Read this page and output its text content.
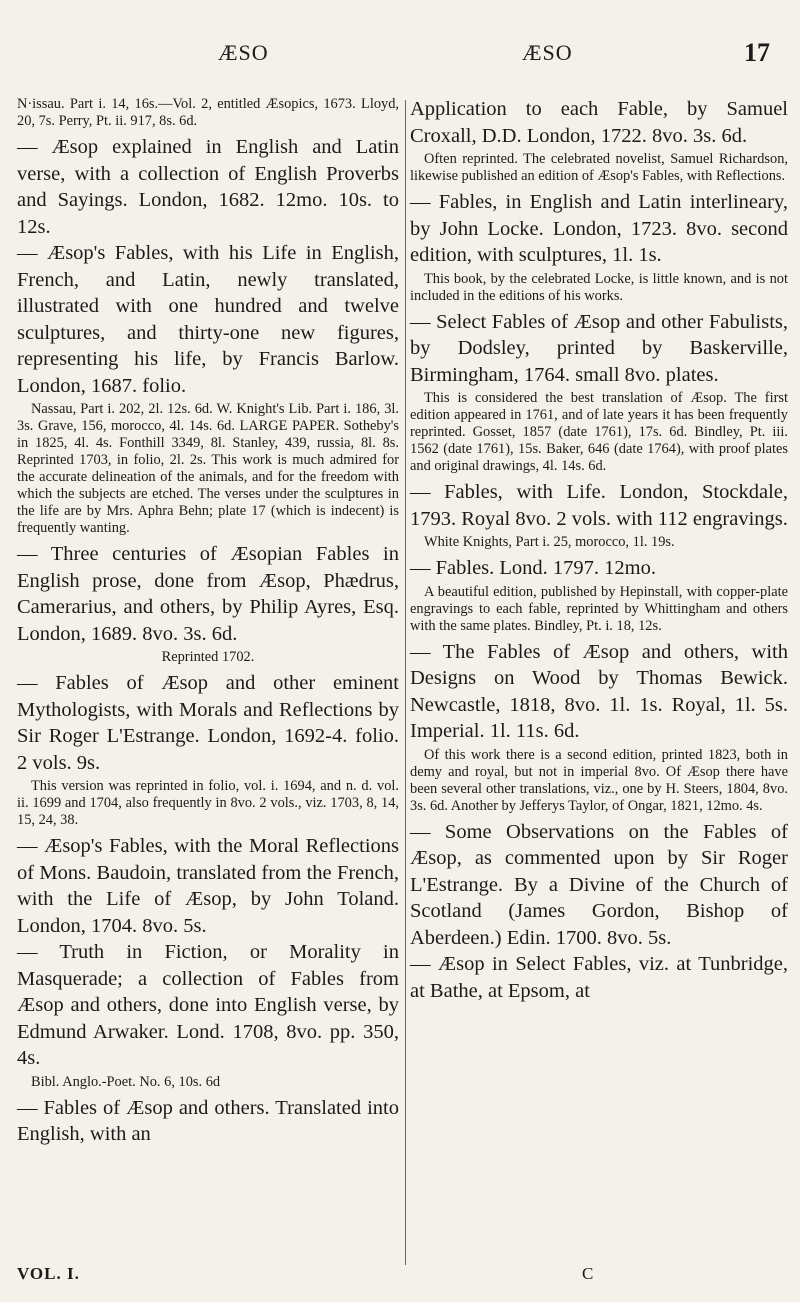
ÆSO	ÆSO	17

N·issau. Part i. 14, 16s.—Vol. 2, entitled Æsopics, 1673. Lloyd, 20, 7s. Perry, Pt. ii. 917, 8s. 6d.

— Æsop explained in English and Latin verse, with a collection of English Proverbs and Sayings. London, 1682. 12mo. 10s. to 12s.

— Æsop's Fables, with his Life in English, French, and Latin, newly translated, illustrated with one hundred and twelve sculptures, and thirty-one new figures, representing his life, by Francis Barlow. London, 1687. folio.

Nassau, Part i. 202, 2l. 12s. 6d. W. Knight's Lib. Part i. 186, 3l. 3s. Grave, 156, morocco, 4l. 14s. 6d. LARGE PAPER. Sotheby's in 1825, 4l. 4s. Fonthill 3349, 8l. Stanley, 439, russia, 8l. 8s. Reprinted 1703, in folio, 2l. 2s. This work is much admired for the accurate delineation of the animals, and for the freedom with which the subjects are etched. The verses under the sculptures in the life are by Mrs. Aphra Behn; plate 17 (which is indecent) is frequently wanting.

— Three centuries of Æsopian Fables in English prose, done from Æsop, Phædrus, Camerarius, and others, by Philip Ayres, Esq. London, 1689. 8vo. 3s. 6d.

Reprinted 1702.

— Fables of Æsop and other eminent Mythologists, with Morals and Reflections by Sir Roger L'Estrange. London, 1692-4. folio. 2 vols. 9s.

This version was reprinted in folio, vol. i. 1694, and n. d. vol. ii. 1699 and 1704, also frequently in 8vo. 2 vols., viz. 1703, 8, 14, 15, 24, 38.

— Æsop's Fables, with the Moral Reflections of Mons. Baudoin, translated from the French, with the Life of Æsop, by John Toland. London, 1704. 8vo. 5s.

— Truth in Fiction, or Morality in Masquerade; a collection of Fables from Æsop and others, done into English verse, by Edmund Arwaker. Lond. 1708, 8vo. pp. 350, 4s.

Bibl. Anglo.-Poet. No. 6, 10s. 6d

— Fables of Æsop and others. Translated into English, with an

Application to each Fable, by Samuel Croxall, D.D. London, 1722. 8vo. 3s. 6d.

Often reprinted. The celebrated novelist, Samuel Richardson, likewise published an edition of Æsop's Fables, with Reflections.

— Fables, in English and Latin interlineary, by John Locke. London, 1723. 8vo. second edition, with sculptures, 1l. 1s.

This book, by the celebrated Locke, is little known, and is not included in the editions of his works.

— Select Fables of Æsop and other Fabulists, by Dodsley, printed by Baskerville, Birmingham, 1764. small 8vo. plates.

This is considered the best translation of Æsop. The first edition appeared in 1761, and of late years it has been frequently reprinted. Gosset, 1857 (date 1761), 17s. 6d. Bindley, Pt. iii. 1562 (date 1761), 15s. Baker, 646 (date 1764), with proof plates and original drawings, 4l. 14s. 6d.

— Fables, with Life. London, Stockdale, 1793. Royal 8vo. 2 vols. with 112 engravings.

White Knights, Part i. 25, morocco, 1l. 19s.

— Fables. Lond. 1797. 12mo.

A beautiful edition, published by Hepinstall, with copper-plate engravings to each fable, reprinted by Whittingham and others with the same plates. Bindley, Pt. i. 18, 12s.

— The Fables of Æsop and others, with Designs on Wood by Thomas Bewick. Newcastle, 1818, 8vo. 1l. 1s. Royal, 1l. 5s. Imperial. 1l. 11s. 6d.

Of this work there is a second edition, printed 1823, both in demy and royal, but not in imperial 8vo. Of Æsop there have been several other translations, viz., one by H. Steers, 1804, 8vo. 3s. 6d. Another by Jefferys Taylor, of Ongar, 1821, 12mo. 4s.

— Some Observations on the Fables of Æsop, as commented upon by Sir Roger L'Estrange. By a Divine of the Church of Scotland (James Gordon, Bishop of Aberdeen.) Edin. 1700. 8vo. 5s.

— Æsop in Select Fables, viz. at Tunbridge, at Bathe, at Epsom, at

VOL. I.	C
